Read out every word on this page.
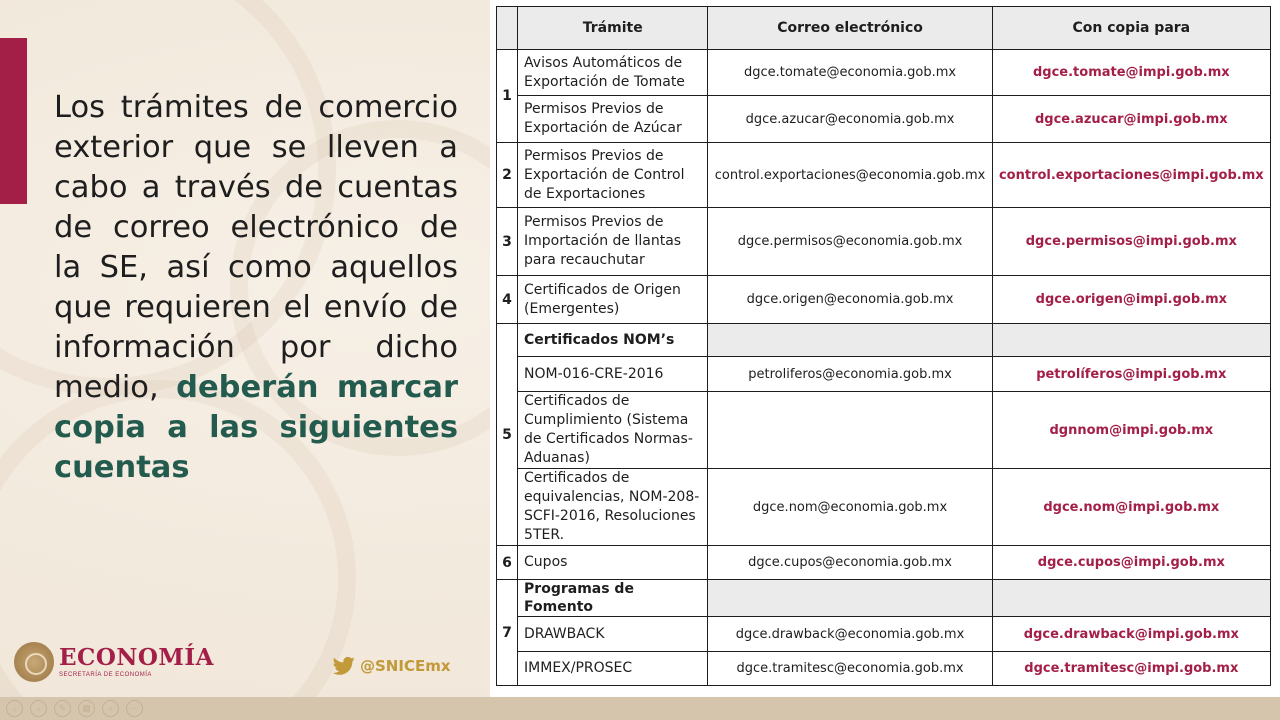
Los trámites de comercio exterior que se lleven a cabo a través de cuentas de correo electrónico de la SE, así como aquellos que requieren el envío de información por dicho medio, deberán marcar copia a las siguientes cuentas
ECONOMÍA
SECRETARÍA DE ECONOMÍA	@SNICEmx
	Trámite	Correo electrónico	Con copia para
1	Avisos Automáticos de Exportación de Tomate	dgce.tomate@economia.gob.mx	dgce.tomate@impi.gob.mx
	Permisos Previos de Exportación de Azúcar	dgce.azucar@economia.gob.mx	dgce.azucar@impi.gob.mx
2	Permisos Previos de Exportación de Control de Exportaciones	control.exportaciones@economia.gob.mx	control.exportaciones@impi.gob.mx
3	Permisos Previos de Importación de llantas para recauchutar	dgce.permisos@economia.gob.mx	dgce.permisos@impi.gob.mx
4	Certificados de Origen (Emergentes)	dgce.origen@economia.gob.mx	dgce.origen@impi.gob.mx
5	Certificados NOM’s		
	NOM-016-CRE-2016	petroliferos@economia.gob.mx	petrolíferos@impi.gob.mx
	Certificados de Cumplimiento (Sistema de Certificados Normas-Aduanas)		dgnnom@impi.gob.mx
	Certificados de equivalencias, NOM-208-SCFI-2016, Resoluciones 5TER.	dgce.nom@economia.gob.mx	dgce.nom@impi.gob.mx
6	Cupos	dgce.cupos@economia.gob.mx	dgce.cupos@impi.gob.mx
7	Programas de Fomento		
	DRAWBACK	dgce.drawback@economia.gob.mx	dgce.drawback@impi.gob.mx
	IMMEX/PROSEC	dgce.tramitesc@economia.gob.mx	dgce.tramitesc@impi.gob.mx
‹	›	✎	▦	⌕	⋯
